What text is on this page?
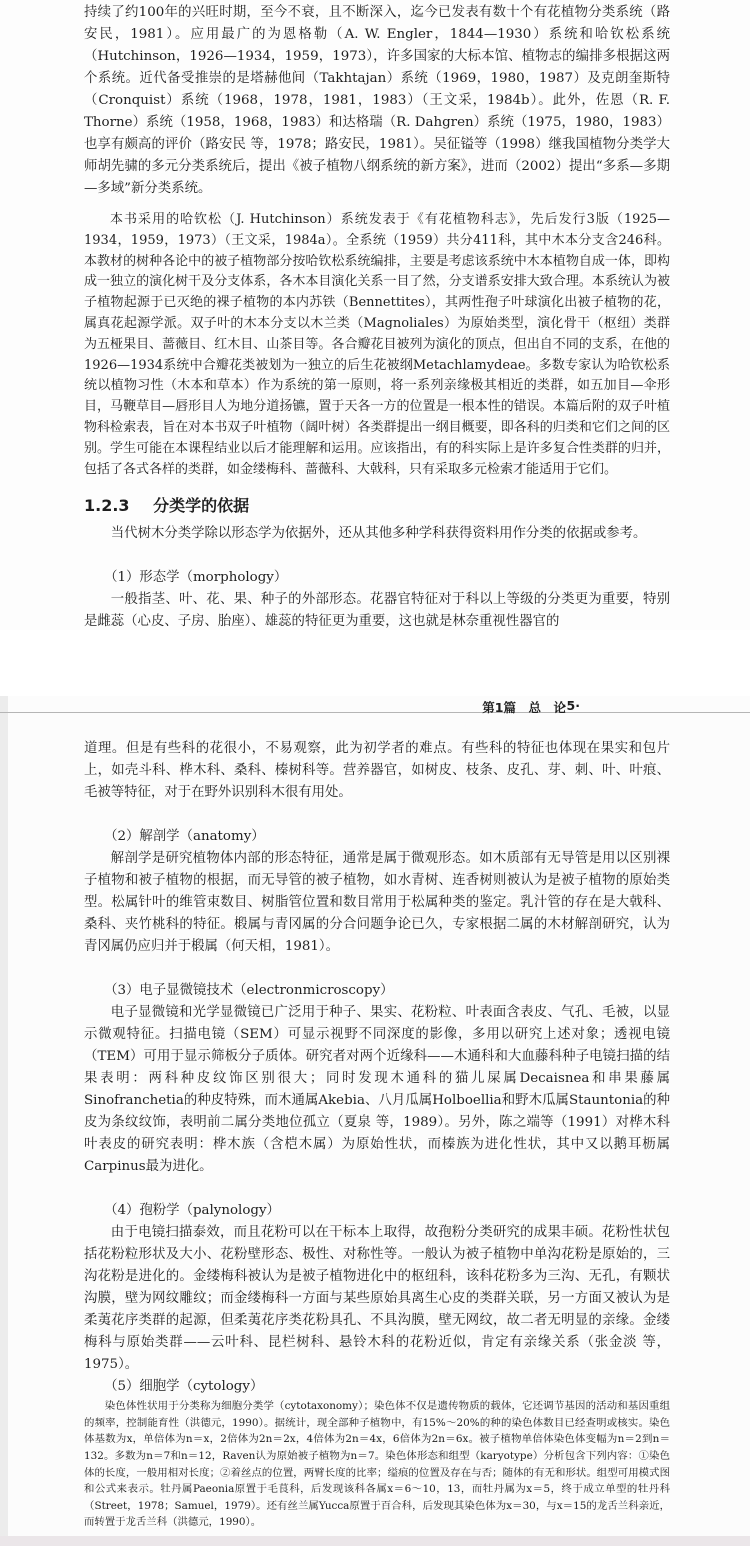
持续了约100年的兴旺时期，至今不衰，且不断深入，迄今已发表有数十个有花植物分类系统（路安民，1981）。应用最广的为恩格勒（A. W. Engler，1844—1930）系统和哈钦松系统（Hutchinson，1926—1934，1959，1973），许多国家的大标本馆、植物志的编排多根据这两个系统。近代备受推崇的是塔赫他间（Takhtajan）系统（1969，1980，1987）及克朗奎斯特（Cronquist）系统（1968，1978，1981，1983）（王文采，1984b）。此外，佐恩（R. F. Thorne）系统（1958，1968，1983）和达格瑞（R. Dahgren）系统（1975，1980，1983）也享有颇高的评价（路安民 等，1978；路安民，1981）。吴征镒等（1998）继我国植物分类学大师胡先骕的多元分类系统后，提出《被子植物八纲系统的新方案》，进而（2002）提出“多系—多期—多域”新分类系统。

本书采用的哈钦松（J. Hutchinson）系统发表于《有花植物科志》，先后发行3版（1925—1934，1959，1973）（王文采，1984a）。全系统（1959）共分411科，其中木本分支含246科。本教材的树种各论中的被子植物部分按哈钦松系统编排，主要是考虑该系统中木本植物自成一体，即构成一独立的演化树干及分支体系，各木本目演化关系一目了然，分支谱系安排大致合理。本系统认为被子植物起源于已灭绝的裸子植物的本内苏铁（Bennettites），其两性孢子叶球演化出被子植物的花，属真花起源学派。双子叶的木本分支以木兰类（Magnoliales）为原始类型，演化骨干（枢纽）类群为五桠果目、蔷薇目、红木目、山茶目等。各合瓣花目被列为演化的顶点，但出自不同的支系，在他的1926—1934系统中合瓣花类被划为一独立的后生花被纲Metachlamydeae。多数专家认为哈钦松系统以植物习性（木本和草本）作为系统的第一原则，将一系列亲缘极其相近的类群，如五加目—伞形目，马鞭草目—唇形目人为地分道扬镳，置于天各一方的位置是一根本性的错误。本篇后附的双子叶植物科检索表，旨在对本书双子叶植物（阔叶树）各类群提出一纲目概要，即各科的归类和它们之间的区别。学生可能在本课程结业以后才能理解和运用。应该指出，有的科实际上是许多复合性类群的归并，包括了各式各样的类群，如金缕梅科、蔷薇科、大戟科，只有采取多元检索才能适用于它们。

1.2.3 分类学的依据

当代树木分类学除以形态学为依据外，还从其他多种学科获得资料用作分类的依据或参考。

（1）形态学（morphology）

一般指茎、叶、花、果、种子的外部形态。花器官特征对于科以上等级的分类更为重要，特别是雌蕊（心皮、子房、胎座）、雄蕊的特征更为重要，这也就是林奈重视性器官的

第1篇　总　论
·5·

道理。但是有些科的花很小，不易观察，此为初学者的难点。有些科的特征也体现在果实和包片上，如壳斗科、桦木科、桑科、榛树科等。营养器官，如树皮、枝条、皮孔、芽、刺、叶、叶痕、毛被等特征，对于在野外识别科木很有用处。

（2）解剖学（anatomy）

解剖学是研究植物体内部的形态特征，通常是属于微观形态。如木质部有无导管是用以区别裸子植物和被子植物的根据，而无导管的被子植物，如水青树、连香树则被认为是被子植物的原始类型。松属针叶的维管束数目、树脂管位置和数目常用于松属种类的鉴定。乳汁管的存在是大戟科、桑科、夹竹桃科的特征。椴属与青冈属的分合问题争论已久，专家根据二属的木材解剖研究，认为青冈属仍应归并于椴属（何天相，1981）。

（3）电子显微镜技术（electronmicroscopy）

电子显微镜和光学显微镜已广泛用于种子、果实、花粉粒、叶表面含表皮、气孔、毛被，以显示微观特征。扫描电镜（SEM）可显示视野不同深度的影像，多用以研究上述对象；透视电镜（TEM）可用于显示筛板分子质体。研究者对两个近缘科——木通科和大血藤科种子电镜扫描的结果表明：两科种皮纹饰区别很大；同时发现木通科的猫儿屎属Decaisnea和串果藤属Sinofranchetia的种皮特殊，而木通属Akebia、八月瓜属Holboellia和野木瓜属Stauntonia的种皮为条纹纹饰，表明前二属分类地位孤立（夏泉 等，1989）。另外，陈之端等（1991）对桦木科叶表皮的研究表明：桦木族（含桤木属）为原始性状，而榛族为进化性状，其中又以鹅耳枥属Carpinus最为进化。

（4）孢粉学（palynology）

由于电镜扫描泰效，而且花粉可以在干标本上取得，故孢粉分类研究的成果丰硕。花粉性状包括花粉粒形状及大小、花粉壁形态、极性、对称性等。一般认为被子植物中单沟花粉是原始的，三沟花粉是进化的。金缕梅科被认为是被子植物进化中的枢纽科，该科花粉多为三沟、无孔，有颗状沟膜，壁为网纹雕纹；而金缕梅科一方面与某些原始具离生心皮的类群关联，另一方面又被认为是柔荑花序类群的起源，但柔荑花序类花粉具孔、不具沟膜，壁无网纹，故二者无明显的亲缘。金缕梅科与原始类群——云叶科、昆栏树科、悬铃木科的花粉近似，肯定有亲缘关系（张金淡 等，1975）。

（5）细胞学（cytology）

染色体性状用于分类称为细胞分类学（cytotaxonomy）；染色体不仅是遗传物质的载体，它还调节基因的活动和基因重组的频率，控制能育性（洪德元，1990）。据统计，现全部种子植物中，有15%～20%的种的染色体数目已经查明或核实。染色体基数为x，单倍体为n＝x，2倍体为2n＝2x，4倍体为2n＝4x，6倍体为2n＝6x。被子植物单倍体染色体变幅为n＝2到n＝132。多数为n＝7和n＝12，Raven认为原始被子植物为n＝7。染色体形态和组型（karyotype）分析包含下列内容：①染色体的长度，一般用相对长度；②着丝点的位置，两臂长度的比率；缢痕的位置及存在与否；随体的有无和形状。组型可用模式图和公式来表示。牡丹属Paeonia原置于毛茛科，后发现该科各属x＝6～10，13，而牡丹属为x＝5，终于成立单型的牡丹科（Street，1978；Samuel，1979）。还有丝兰属Yucca原置于百合科，后发现其染色体为x＝30，与x＝15的龙舌兰科亲近，而转置于龙舌兰科（洪德元，1990）。
